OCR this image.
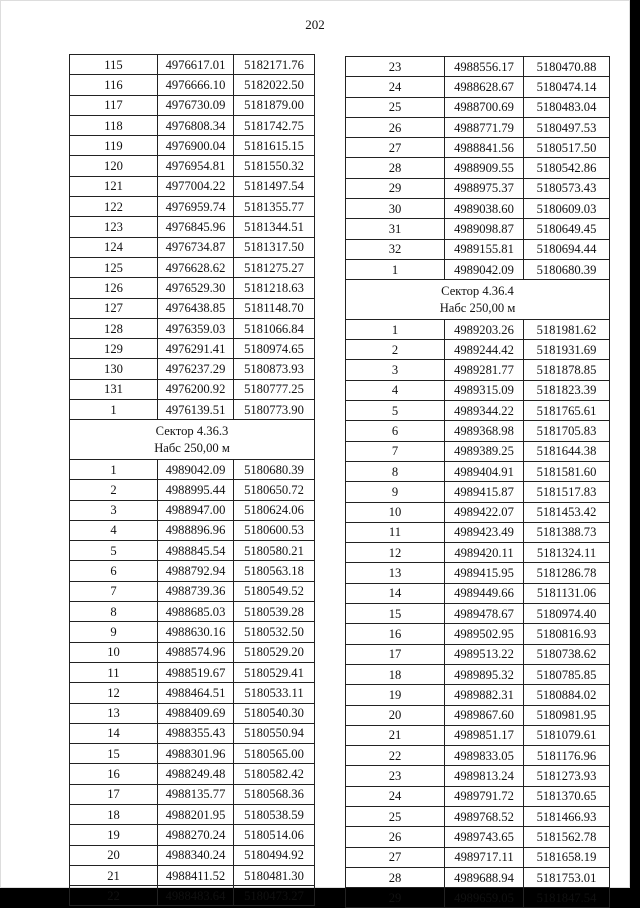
202
115	4976617.01	5182171.76
116	4976666.10	5182022.50
117	4976730.09	5181879.00
118	4976808.34	5181742.75
119	4976900.04	5181615.15
120	4976954.81	5181550.32
121	4977004.22	5181497.54
122	4976959.74	5181355.77
123	4976845.96	5181344.51
124	4976734.87	5181317.50
125	4976628.62	5181275.27
126	4976529.30	5181218.63
127	4976438.85	5181148.70
128	4976359.03	5181066.84
129	4976291.41	5180974.65
130	4976237.29	5180873.93
131	4976200.92	5180777.25
1	4976139.51	5180773.90

Сектор 4.36.3
Набс 250,00 м		

1	4989042.09	5180680.39
2	4988995.44	5180650.72
3	4988947.00	5180624.06
4	4988896.96	5180600.53
5	4988845.54	5180580.21
6	4988792.94	5180563.18
7	4988739.36	5180549.52
8	4988685.03	5180539.28
9	4988630.16	5180532.50
10	4988574.96	5180529.20
11	4988519.67	5180529.41
12	4988464.51	5180533.11
13	4988409.69	5180540.30
14	4988355.43	5180550.94
15	4988301.96	5180565.00
16	4988249.48	5180582.42
17	4988135.77	5180568.36
18	4988201.95	5180538.59
19	4988270.24	5180514.06
20	4988340.24	5180494.92
21	4988411.52	5180481.30
22	4988483.64	5180473.27
23	4988556.17	5180470.88
24	4988628.67	5180474.14
25	4988700.69	5180483.04
26	4988771.79	5180497.53
27	4988841.56	5180517.50
28	4988909.55	5180542.86
29	4988975.37	5180573.43
30	4989038.60	5180609.03
31	4989098.87	5180649.45
32	4989155.81	5180694.44
1	4989042.09	5180680.39

Сектор 4.36.4
Набс 250,00 м		

1	4989203.26	5181981.62
2	4989244.42	5181931.69
3	4989281.77	5181878.85
4	4989315.09	5181823.39
5	4989344.22	5181765.61
6	4989368.98	5181705.83
7	4989389.25	5181644.38
8	4989404.91	5181581.60
9	4989415.87	5181517.83
10	4989422.07	5181453.42
11	4989423.49	5181388.73
12	4989420.11	5181324.11
13	4989415.95	5181286.78
14	4989449.66	5181131.06
15	4989478.67	5180974.40
16	4989502.95	5180816.93
17	4989513.22	5180738.62
18	4989895.32	5180785.85
19	4989882.31	5180884.02
20	4989867.60	5180981.95
21	4989851.17	5181079.61
22	4989833.05	5181176.96
23	4989813.24	5181273.93
24	4989791.72	5181370.65
25	4989768.52	5181466.93
26	4989743.65	5181562.78
27	4989717.11	5181658.19
28	4989688.94	5181753.01
29	4989659.05	5181847.54
